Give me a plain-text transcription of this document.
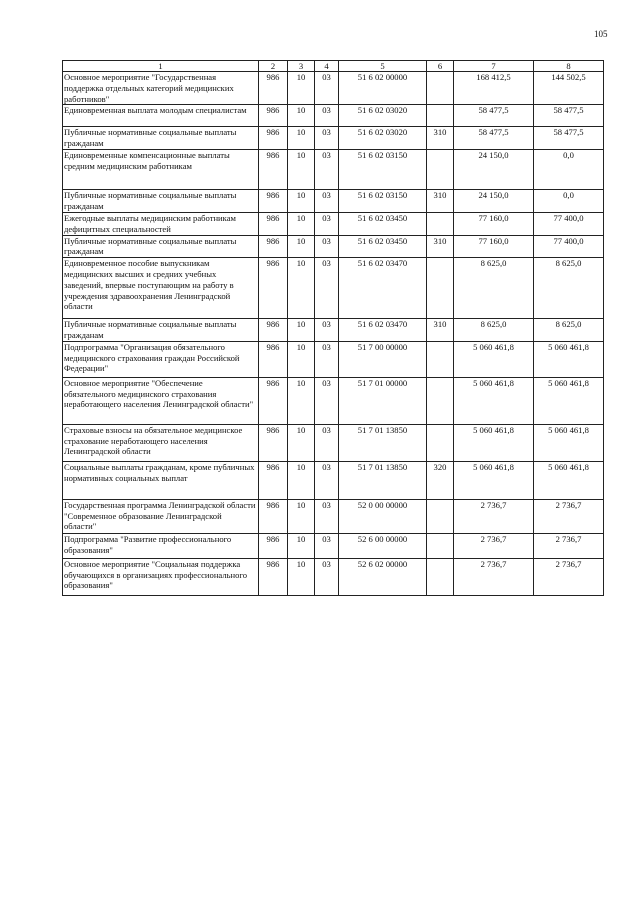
105
1	2	3	4	5	6	7	8
Основное мероприятие "Государственная поддержка отдельных категорий медицинских работников"	986	10	03	51 6 02 00000		168 412,5	144 502,5
Единовременная выплата молодым специалистам	986	10	03	51 6 02 03020		58 477,5	58 477,5
Публичные нормативные социальные выплаты гражданам	986	10	03	51 6 02 03020	310	58 477,5	58 477,5
Единовременные компенсационные выплаты средним медицинским работникам	986	10	03	51 6 02 03150		24 150,0	0,0
Публичные нормативные социальные выплаты гражданам	986	10	03	51 6 02 03150	310	24 150,0	0,0
Ежегодные выплаты медицинским работникам дефицитных специальностей	986	10	03	51 6 02 03450		77 160,0	77 400,0
Публичные нормативные социальные выплаты гражданам	986	10	03	51 6 02 03450	310	77 160,0	77 400,0
Единовременное пособие выпускникам медицинских высших и средних учебных заведений, впервые поступающим на работу в учреждения здравоохранения Ленинградской области	986	10	03	51 6 02 03470		8 625,0	8 625,0
Публичные нормативные социальные выплаты гражданам	986	10	03	51 6 02 03470	310	8 625,0	8 625,0
Подпрограмма "Организация обязательного медицинского страхования граждан Российской Федерации"	986	10	03	51 7 00 00000		5 060 461,8	5 060 461,8
Основное мероприятие "Обеспечение обязательного медицинского страхования неработающего населения Ленинградской области"	986	10	03	51 7 01 00000		5 060 461,8	5 060 461,8
Страховые взносы на обязательное медицинское страхование неработающего населения Ленинградской области	986	10	03	51 7 01 13850		5 060 461,8	5 060 461,8
Социальные выплаты гражданам, кроме публичных нормативных социальных выплат	986	10	03	51 7 01 13850	320	5 060 461,8	5 060 461,8
Государственная программа Ленинградской области "Современное образование Ленинградской области"	986	10	03	52 0 00 00000		2 736,7	2 736,7
Подпрограмма "Развитие профессионального образования"	986	10	03	52 6 00 00000		2 736,7	2 736,7
Основное мероприятие "Социальная поддержка обучающихся в организациях профессионального образования"	986	10	03	52 6 02 00000		2 736,7	2 736,7
